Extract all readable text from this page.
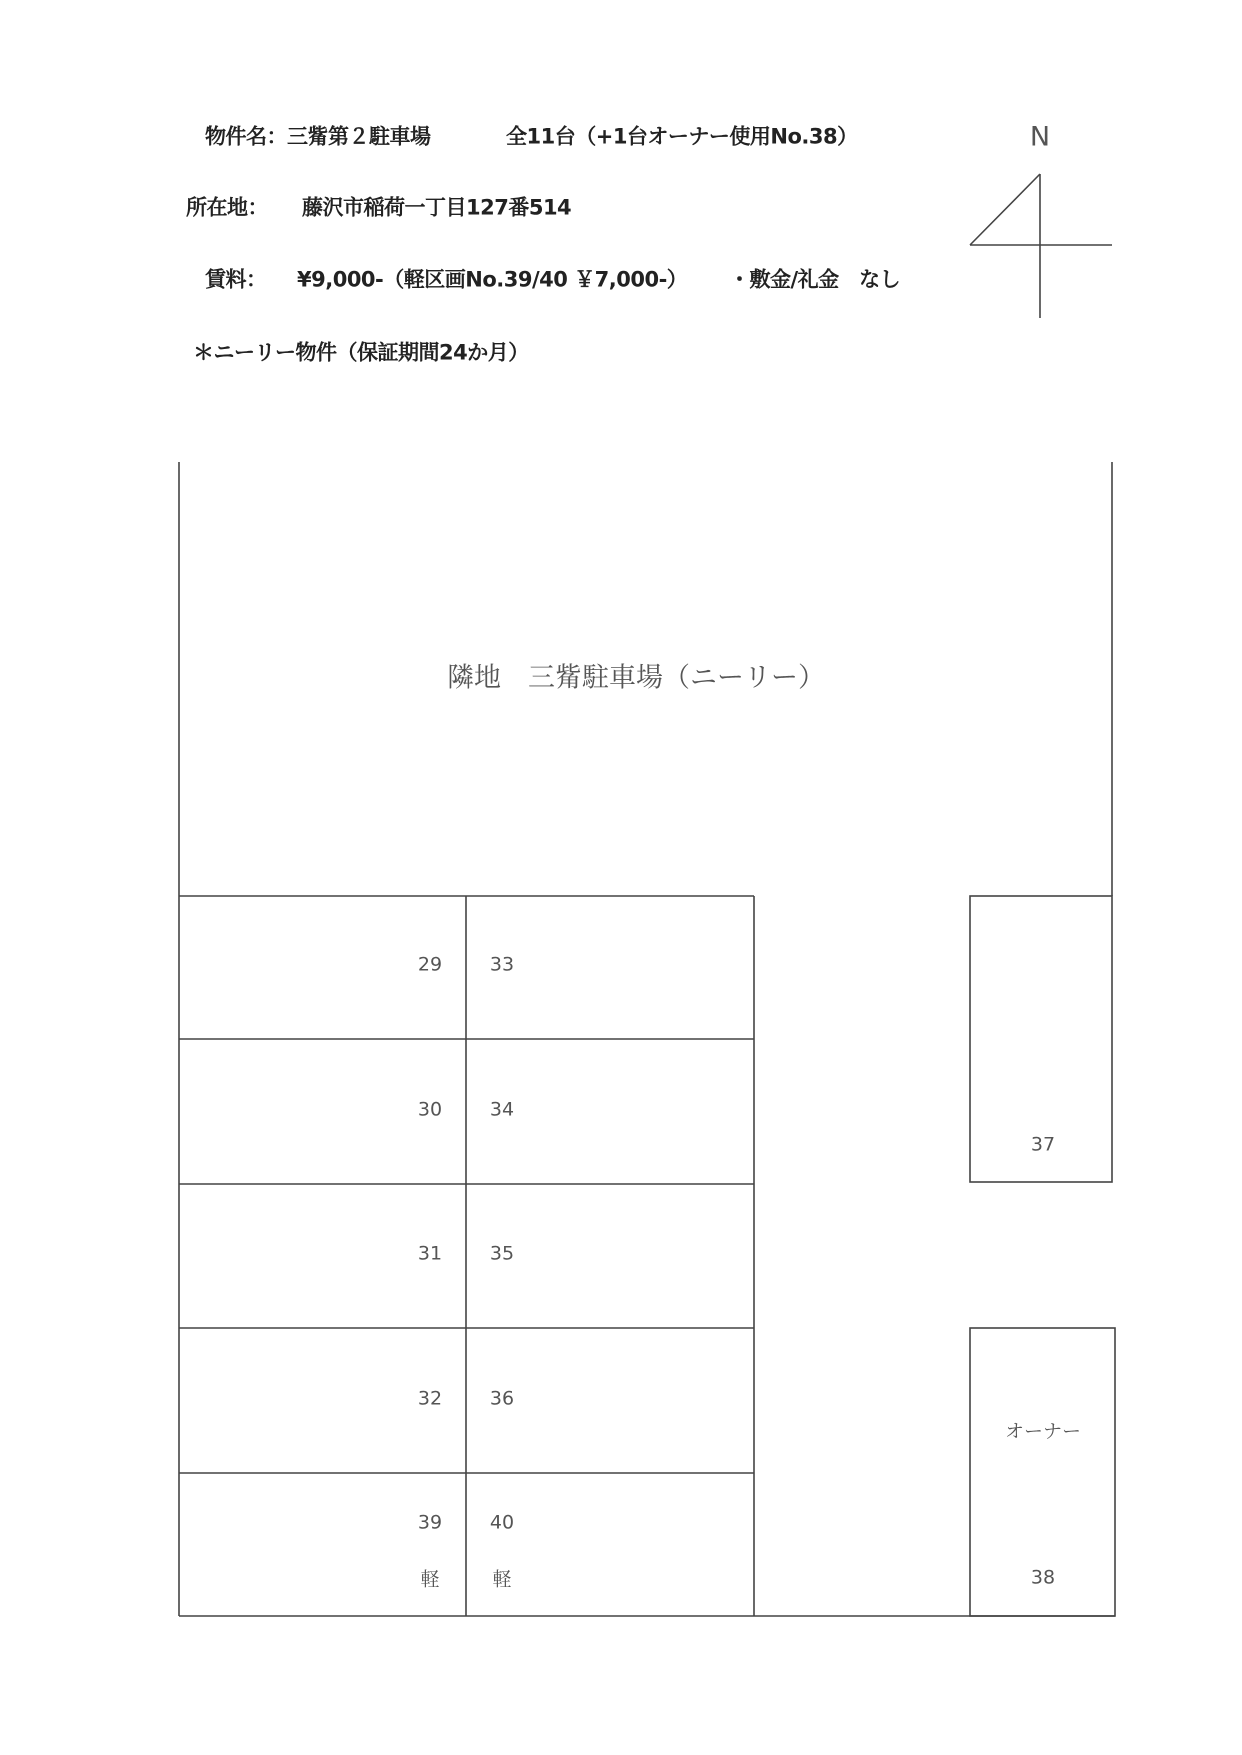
物件名：三觜第２駐車場	全11台（+1台オーナー使用No.38）
所在地： 藤沢市稲荷一丁目127番514
賃料： ¥9,000‐（軽区画No.39/40 ￥7,000‐） ・敷金/礼金　なし
＊ニーリー物件（保証期間24か月）
N
隣地　三觜駐車場（ニーリー）
29
30
31
32
39
軽
33
34
35
36
40
軽
37
オーナー
38
